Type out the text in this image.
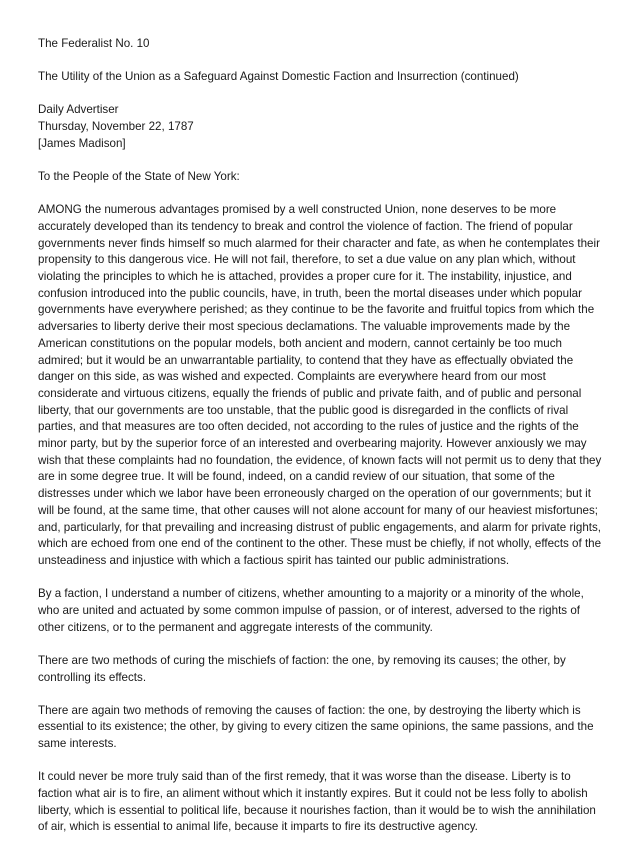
The Federalist No. 10

The Utility of the Union as a Safeguard Against Domestic Faction and Insurrection (continued)

Daily Advertiser
Thursday, November 22, 1787
[James Madison]

To the People of the State of New York:

AMONG the numerous advantages promised by a well constructed Union, none deserves to be more accurately developed than its tendency to break and control the violence of faction. The friend of popular governments never finds himself so much alarmed for their character and fate, as when he contemplates their propensity to this dangerous vice. He will not fail, therefore, to set a due value on any plan which, without violating the principles to which he is attached, provides a proper cure for it. The instability, injustice, and confusion introduced into the public councils, have, in truth, been the mortal diseases under which popular governments have everywhere perished; as they continue to be the favorite and fruitful topics from which the adversaries to liberty derive their most specious declamations. The valuable improvements made by the American constitutions on the popular models, both ancient and modern, cannot certainly be too much admired; but it would be an unwarrantable partiality, to contend that they have as effectually obviated the danger on this side, as was wished and expected. Complaints are everywhere heard from our most considerate and virtuous citizens, equally the friends of public and private faith, and of public and personal liberty, that our governments are too unstable, that the public good is disregarded in the conflicts of rival parties, and that measures are too often decided, not according to the rules of justice and the rights of the minor party, but by the superior force of an interested and overbearing majority. However anxiously we may wish that these complaints had no foundation, the evidence, of known facts will not permit us to deny that they are in some degree true. It will be found, indeed, on a candid review of our situation, that some of the distresses under which we labor have been erroneously charged on the operation of our governments; but it will be found, at the same time, that other causes will not alone account for many of our heaviest misfortunes; and, particularly, for that prevailing and increasing distrust of public engagements, and alarm for private rights, which are echoed from one end of the continent to the other. These must be chiefly, if not wholly, effects of the unsteadiness and injustice with which a factious spirit has tainted our public administrations.

By a faction, I understand a number of citizens, whether amounting to a majority or a minority of the whole, who are united and actuated by some common impulse of passion, or of interest, adversed to the rights of other citizens, or to the permanent and aggregate interests of the community.

There are two methods of curing the mischiefs of faction: the one, by removing its causes; the other, by controlling its effects.

There are again two methods of removing the causes of faction: the one, by destroying the liberty which is essential to its existence; the other, by giving to every citizen the same opinions, the same passions, and the same interests.

It could never be more truly said than of the first remedy, that it was worse than the disease. Liberty is to faction what air is to fire, an aliment without which it instantly expires. But it could not be less folly to abolish liberty, which is essential to political life, because it nourishes faction, than it would be to wish the annihilation of air, which is essential to animal life, because it imparts to fire its destructive agency.
